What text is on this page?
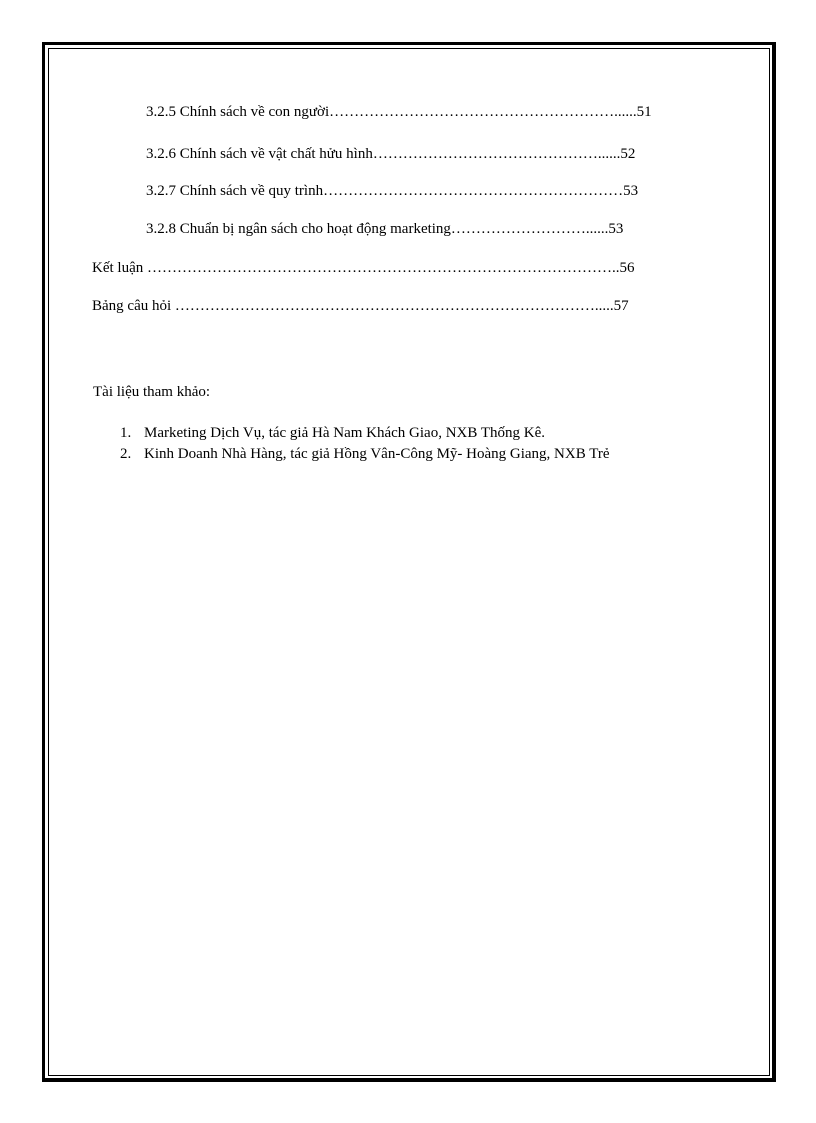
3.2.5 Chính sách về con người…………………………………………………......51
3.2.6 Chính sách về vật chất hửu hình………………………………………......52
3.2.7 Chính sách về quy trình……………………………………………………53
3.2.8 Chuẩn bị ngân sách cho hoạt động marketing………………………......53
Kết luận …………………………………………………………………………………..56
Bảng câu hỏi ………………………………………………………………………….....57
Tài liệu tham khảo:
1. Marketing Dịch Vụ, tác giả Hà Nam Khách Giao, NXB Thống Kê.
2. Kinh Doanh Nhà Hàng, tác giả Hồng Vân-Công Mỹ- Hoàng Giang, NXB Trẻ
